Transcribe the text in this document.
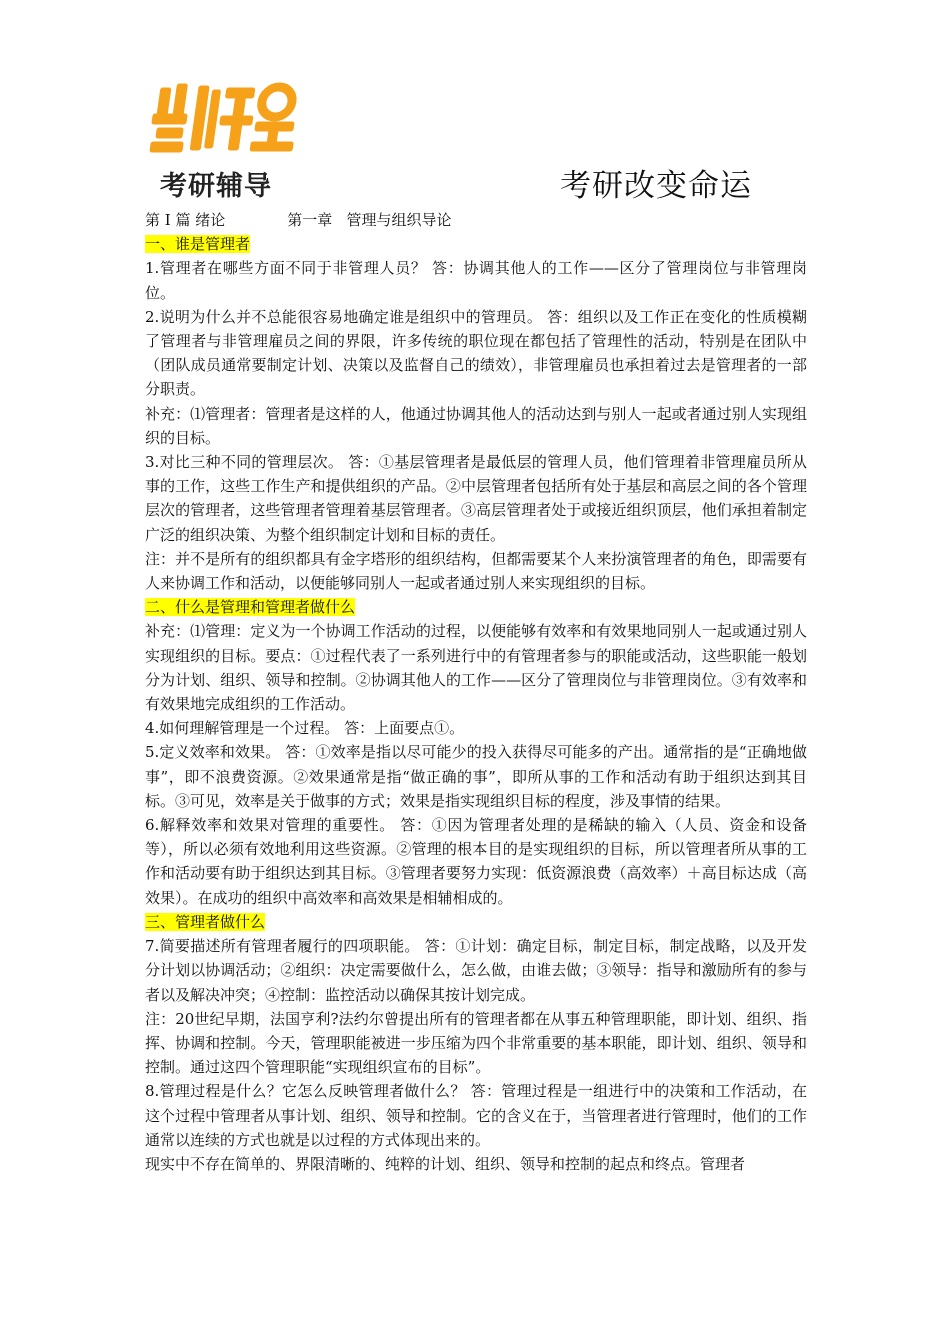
考研辅导	考研改变命运
第 I 篇 绪论	第一章   管理与组织导论

一、谁是管理者

1.管理者在哪些方面不同于非管理人员？ 答：协调其他人的工作——区分了管理岗位与非管理岗位。

2.说明为什么并不总能很容易地确定谁是组织中的管理员。 答：组织以及工作正在变化的性质模糊了管理者与非管理雇员之间的界限，许多传统的职位现在都包括了管理性的活动，特别是在团队中（团队成员通常要制定计划、决策以及监督自己的绩效），非管理雇员也承担着过去是管理者的一部分职责。

补充：⑴管理者：管理者是这样的人，他通过协调其他人的活动达到与别人一起或者通过别人实现组织的目标。

3.对比三种不同的管理层次。 答：①基层管理者是最低层的管理人员，他们管理着非管理雇员所从事的工作，这些工作生产和提供组织的产品。②中层管理者包括所有处于基层和高层之间的各个管理层次的管理者，这些管理者管理着基层管理者。③高层管理者处于或接近组织顶层，他们承担着制定广泛的组织决策、为整个组织制定计划和目标的责任。

注：并不是所有的组织都具有金字塔形的组织结构，但都需要某个人来扮演管理者的角色，即需要有人来协调工作和活动，以便能够同别人一起或者通过别人来实现组织的目标。

二、什么是管理和管理者做什么

补充：⑴管理：定义为一个协调工作活动的过程，以便能够有效率和有效果地同别人一起或通过别人实现组织的目标。要点：①过程代表了一系列进行中的有管理者参与的职能或活动，这些职能一般划分为计划、组织、领导和控制。②协调其他人的工作——区分了管理岗位与非管理岗位。③有效率和有效果地完成组织的工作活动。

4.如何理解管理是一个过程。 答：上面要点①。

5.定义效率和效果。 答：①效率是指以尽可能少的投入获得尽可能多的产出。通常指的是“正确地做事”，即不浪费资源。②效果通常是指“做正确的事”，即所从事的工作和活动有助于组织达到其目标。③可见，效率是关于做事的方式；效果是指实现组织目标的程度，涉及事情的结果。

6.解释效率和效果对管理的重要性。 答：①因为管理者处理的是稀缺的输入（人员、资金和设备等），所以必须有效地利用这些资源。②管理的根本目的是实现组织的目标，所以管理者所从事的工作和活动要有助于组织达到其目标。③管理者要努力实现：低资源浪费（高效率）＋高目标达成（高效果）。在成功的组织中高效率和高效果是相辅相成的。

三、管理者做什么

7.简要描述所有管理者履行的四项职能。 答：①计划：确定目标，制定目标，制定战略，以及开发分计划以协调活动；②组织：决定需要做什么，怎么做，由谁去做；③领导：指导和激励所有的参与者以及解决冲突；④控制：监控活动以确保其按计划完成。

注：20世纪早期，法国亨利?法约尔曾提出所有的管理者都在从事五种管理职能，即计划、组织、指挥、协调和控制。今天，管理职能被进一步压缩为四个非常重要的基本职能，即计划、组织、领导和控制。通过这四个管理职能“实现组织宣布的目标”。

8.管理过程是什么？它怎么反映管理者做什么？ 答：管理过程是一组进行中的决策和工作活动，在这个过程中管理者从事计划、组织、领导和控制。它的含义在于，当管理者进行管理时，他们的工作通常以连续的方式也就是以过程的方式体现出来的。

现实中不存在简单的、界限清晰的、纯粹的计划、组织、领导和控制的起点和终点。管理者
